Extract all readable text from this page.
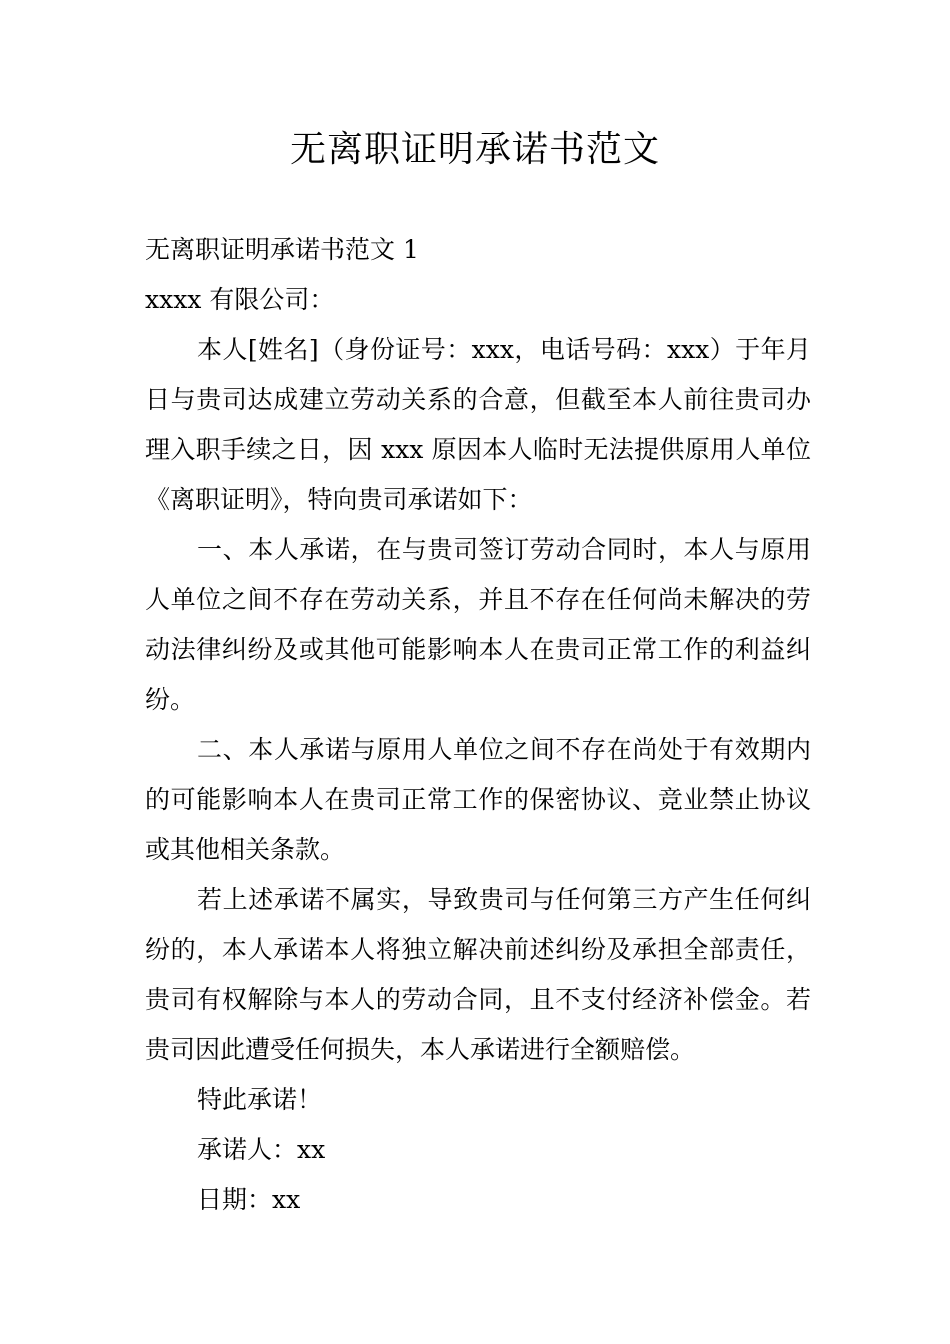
无离职证明承诺书范文

无离职证明承诺书范文 1

xxxx 有限公司：

本人[姓名]（身份证号：xxx，电话号码：xxx）于年月日与贵司达成建立劳动关系的合意，但截至本人前往贵司办理入职手续之日，因 xxx 原因本人临时无法提供原用人单位《离职证明》，特向贵司承诺如下：

一、本人承诺，在与贵司签订劳动合同时，本人与原用人单位之间不存在劳动关系，并且不存在任何尚未解决的劳动法律纠纷及或其他可能影响本人在贵司正常工作的利益纠纷。

二、本人承诺与原用人单位之间不存在尚处于有效期内的可能影响本人在贵司正常工作的保密协议、竞业禁止协议或其他相关条款。

若上述承诺不属实，导致贵司与任何第三方产生任何纠纷的，本人承诺本人将独立解决前述纠纷及承担全部责任，贵司有权解除与本人的劳动合同，且不支付经济补偿金。若贵司因此遭受任何损失，本人承诺进行全额赔偿。

特此承诺！

承诺人：xx

日期：xx
